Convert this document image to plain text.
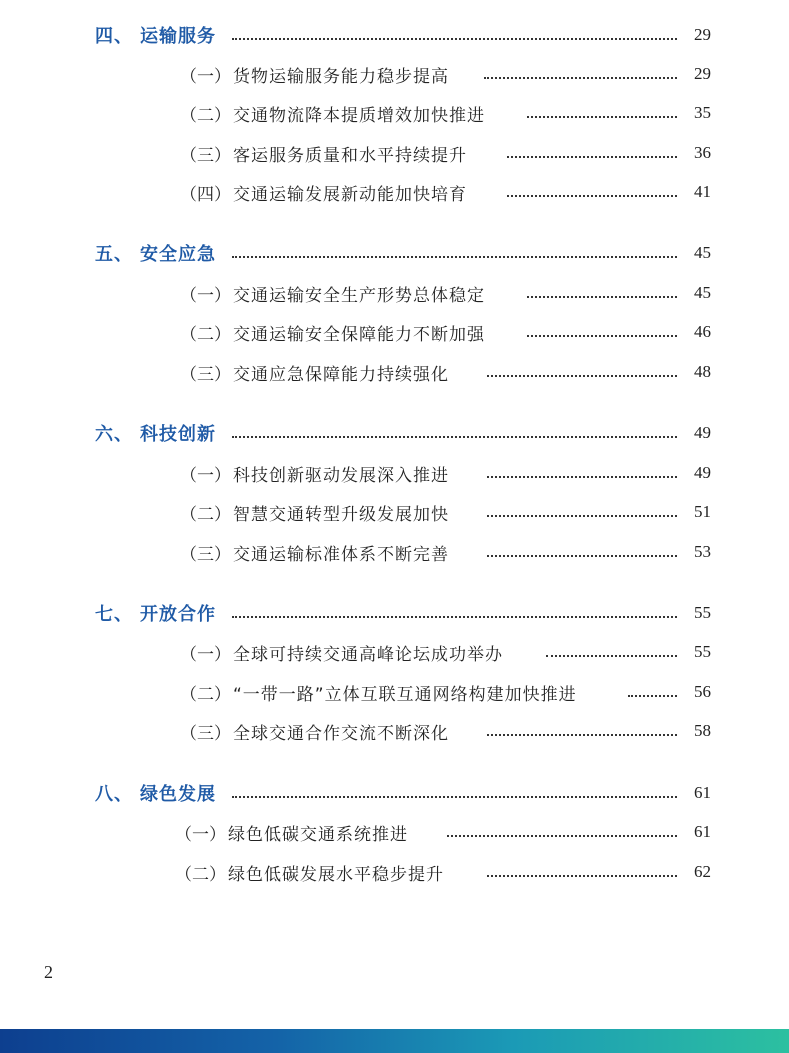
四、 运输服务	29
（一） 货物运输服务能力稳步提高	29
（二） 交通物流降本提质增效加快推进	35
（三） 客运服务质量和水平持续提升	36
（四） 交通运输发展新动能加快培育	41
五、 安全应急	45
（一） 交通运输安全生产形势总体稳定	45
（二） 交通运输安全保障能力不断加强	46
（三） 交通应急保障能力持续强化	48
六、 科技创新	49
（一） 科技创新驱动发展深入推进	49
（二） 智慧交通转型升级发展加快	51
（三） 交通运输标准体系不断完善	53
七、 开放合作	55
（一） 全球可持续交通高峰论坛成功举办	55
（二） “一带一路”立体互联互通网络构建加快推进	56
（三） 全球交通合作交流不断深化	58
八、 绿色发展	61
（一） 绿色低碳交通系统推进	61
（二） 绿色低碳发展水平稳步提升	62
2
